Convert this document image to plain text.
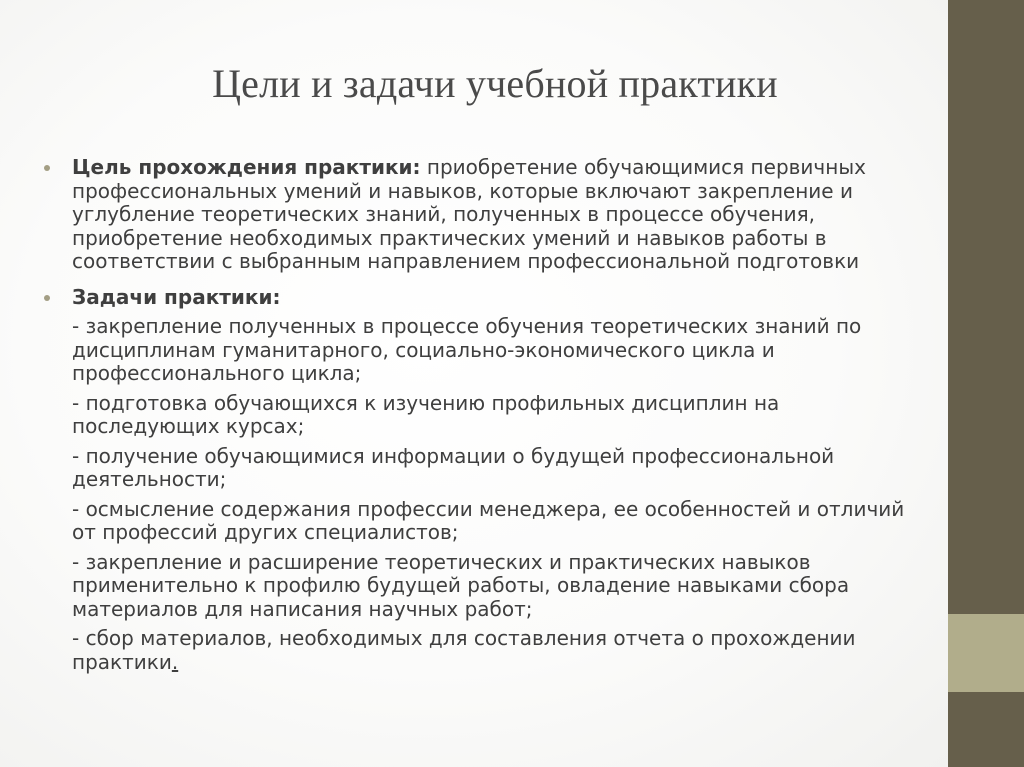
Цели и задачи учебной практики

Цель прохождения практики: приобретение обучающимися первичных профессиональных умений и навыков, которые включают закрепление и углубление теоретических знаний, полученных в процессе обучения, приобретение необходимых практических умений и навыков работы в соответствии с выбранным направлением профессиональной подготовки

Задачи практики:

- закрепление полученных в процессе обучения теоретических знаний по дисциплинам гуманитарного, социально-экономического цикла и профессионального цикла;

- подготовка обучающихся к изучению профильных дисциплин на последующих курсах;

- получение обучающимися информации о будущей профессиональной деятельности;

- осмысление содержания профессии менеджера, ее особенностей и отличий от профессий других специалистов;

- закрепление и расширение теоретических и практических навыков применительно к профилю будущей работы, овладение навыками сбора материалов для написания научных работ;

- сбор материалов, необходимых для составления отчета о прохождении практики.
